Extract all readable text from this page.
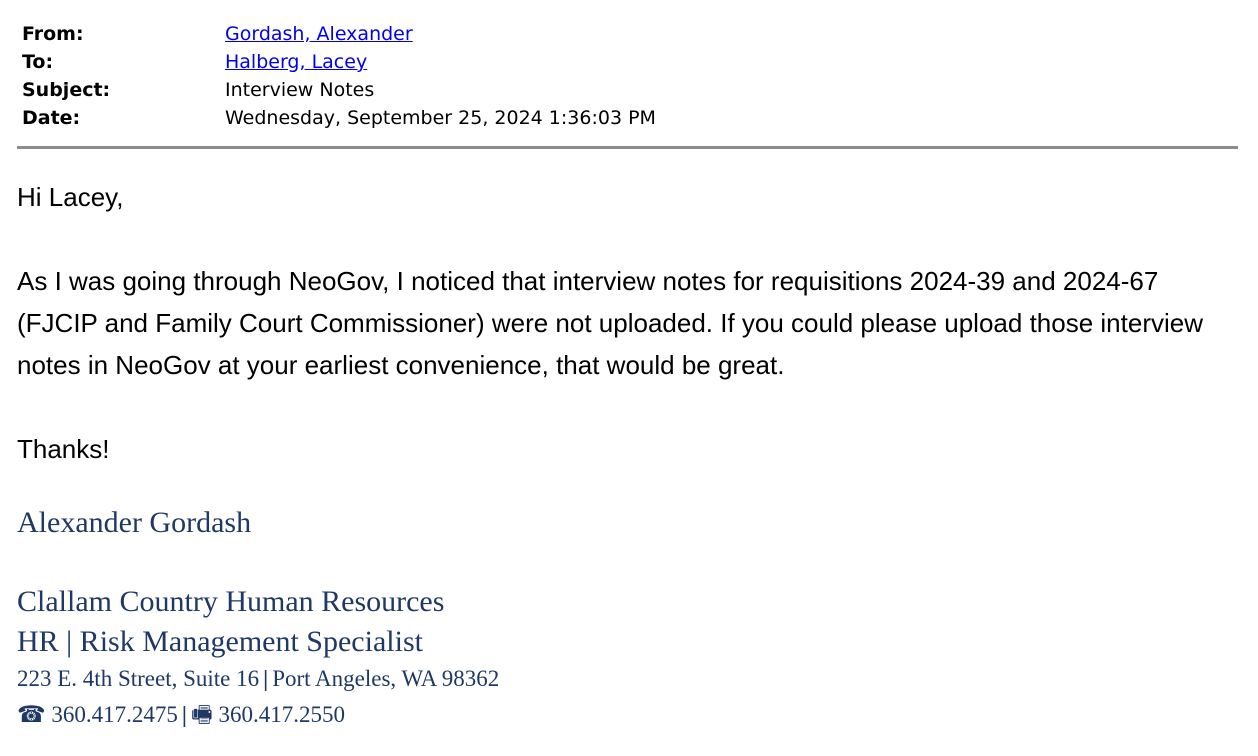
From:	Gordash, Alexander
To:	Halberg, Lacey
Subject:	Interview Notes
Date:	Wednesday, September 25, 2024 1:36:03 PM

Hi Lacey,

As I was going through NeoGov, I noticed that interview notes for requisitions 2024-39 and 2024-67 (FJCIP and Family Court Commissioner) were not uploaded. If you could please upload those interview notes in NeoGov at your earliest convenience, that would be great.

Thanks!

Alexander Gordash
Clallam Country Human Resources
HR | Risk Management Specialist
223 E. 4th Street, Suite 16 | Port Angeles, WA 98362
☎ 360.417.2475 | 🖷 360.417.2550
